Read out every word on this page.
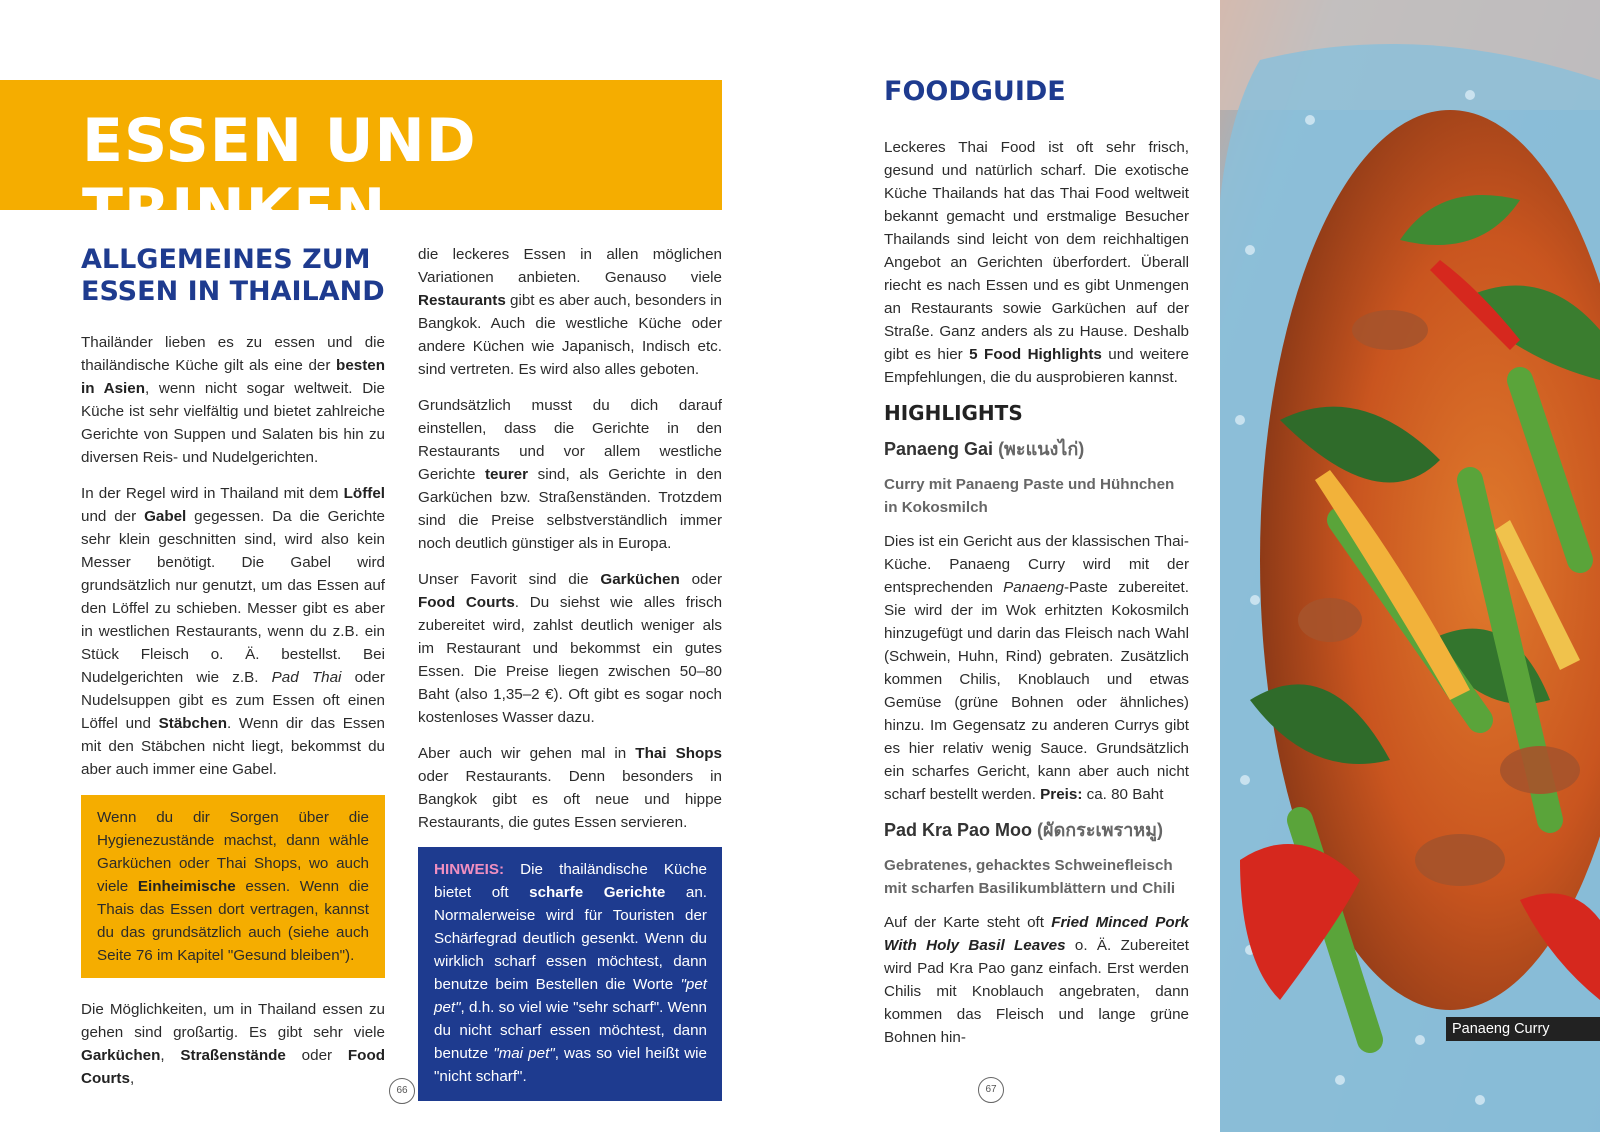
ESSEN UND TRINKEN
ALLGEMEINES ZUM
ESSEN IN THAILAND

Thailänder lieben es zu essen und die thailändische Küche gilt als eine der besten in Asien, wenn nicht sogar weltweit. Die Küche ist sehr vielfältig und bietet zahlreiche Gerichte von Suppen und Salaten bis hin zu diversen Reis- und Nudelgerichten.

In der Regel wird in Thailand mit dem Löffel und der Gabel gegessen. Da die Gerichte sehr klein geschnitten sind, wird also kein Messer benötigt. Die Gabel wird grundsätzlich nur genutzt, um das Essen auf den Löffel zu schieben. Messer gibt es aber in westlichen Restaurants, wenn du z.B. ein Stück Fleisch o. Ä. bestellst. Bei Nudelgerichten wie z.B. Pad Thai oder Nudelsuppen gibt es zum Essen oft einen Löffel und Stäbchen. Wenn dir das Essen mit den Stäbchen nicht liegt, bekommst du aber auch immer eine Gabel.

Wenn du dir Sorgen über die Hygienezustände machst, dann wähle Garküchen oder Thai Shops, wo auch viele Einheimische essen. Wenn die Thais das Essen dort vertragen, kannst du das grundsätzlich auch (siehe auch Seite 76 im Kapitel "Gesund bleiben").

Die Möglichkeiten, um in Thailand essen zu gehen sind großartig. Es gibt sehr viele Garküchen, Straßenstände oder Food Courts,

die leckeres Essen in allen möglichen Variationen anbieten. Genauso viele Restaurants gibt es aber auch, besonders in Bangkok. Auch die westliche Küche oder andere Küchen wie Japanisch, Indisch etc. sind vertreten. Es wird also alles geboten.

Grundsätzlich musst du dich darauf einstellen, dass die Gerichte in den Restaurants und vor allem westliche Gerichte teurer sind, als Gerichte in den Garküchen bzw. Straßenständen. Trotzdem sind die Preise selbstverständlich immer noch deutlich günstiger als in Europa.

Unser Favorit sind die Garküchen oder Food Courts. Du siehst wie alles frisch zubereitet wird, zahlst deutlich weniger als im Restaurant und bekommst ein gutes Essen. Die Preise liegen zwischen 50–80 Baht (also 1,35–2 €). Oft gibt es sogar noch kostenloses Wasser dazu.

Aber auch wir gehen mal in Thai Shops oder Restaurants. Denn besonders in Bangkok gibt es oft neue und hippe Restaurants, die gutes Essen servieren.

HINWEIS: Die thailändische Küche bietet oft scharfe Gerichte an. Normalerweise wird für Touristen der Schärfegrad deutlich gesenkt. Wenn du wirklich scharf essen möchtest, dann benutze beim Bestellen die Worte "pet pet", d.h. so viel wie "sehr scharf". Wenn du nicht scharf essen möchtest, dann benutze "mai pet", was so viel heißt wie "nicht scharf".
66
FOODGUIDE

Leckeres Thai Food ist oft sehr frisch, gesund und natürlich scharf. Die exotische Küche Thailands hat das Thai Food weltweit bekannt gemacht und erstmalige Besucher Thailands sind leicht von dem reichhaltigen Angebot an Gerichten überfordert. Überall riecht es nach Essen und es gibt Unmengen an Restaurants sowie Garküchen auf der Straße. Ganz anders als zu Hause. Deshalb gibt es hier 5 Food Highlights und weitere Empfehlungen, die du ausprobieren kannst.

HIGHLIGHTS
Panaeng Gai (พะแนงไก่)

Curry mit Panaeng Paste und Hühnchen in Kokosmilch

Dies ist ein Gericht aus der klassischen Thai-Küche. Panaeng Curry wird mit der entsprechenden Panaeng-Paste zubereitet. Sie wird der im Wok erhitzten Kokosmilch hinzugefügt und darin das Fleisch nach Wahl (Schwein, Huhn, Rind) gebraten. Zusätzlich kommen Chilis, Knoblauch und etwas Gemüse (grüne Bohnen oder ähnliches) hinzu. Im Gegensatz zu anderen Currys gibt es hier relativ wenig Sauce. Grundsätzlich ein scharfes Gericht, kann aber auch nicht scharf bestellt werden. Preis: ca. 80 Baht

Pad Kra Pao Moo (ผัดกระเพราหมู)

Gebratenes, gehacktes Schweinefleisch mit scharfen Basilikumblättern und Chili

Auf der Karte steht oft Fried Minced Pork With Holy Basil Leaves o. Ä. Zubereitet wird Pad Kra Pao ganz einfach. Erst werden Chilis mit Knoblauch angebraten, dann kommen das Fleisch und lange grüne Bohnen hin-

67
Panaeng Curry
